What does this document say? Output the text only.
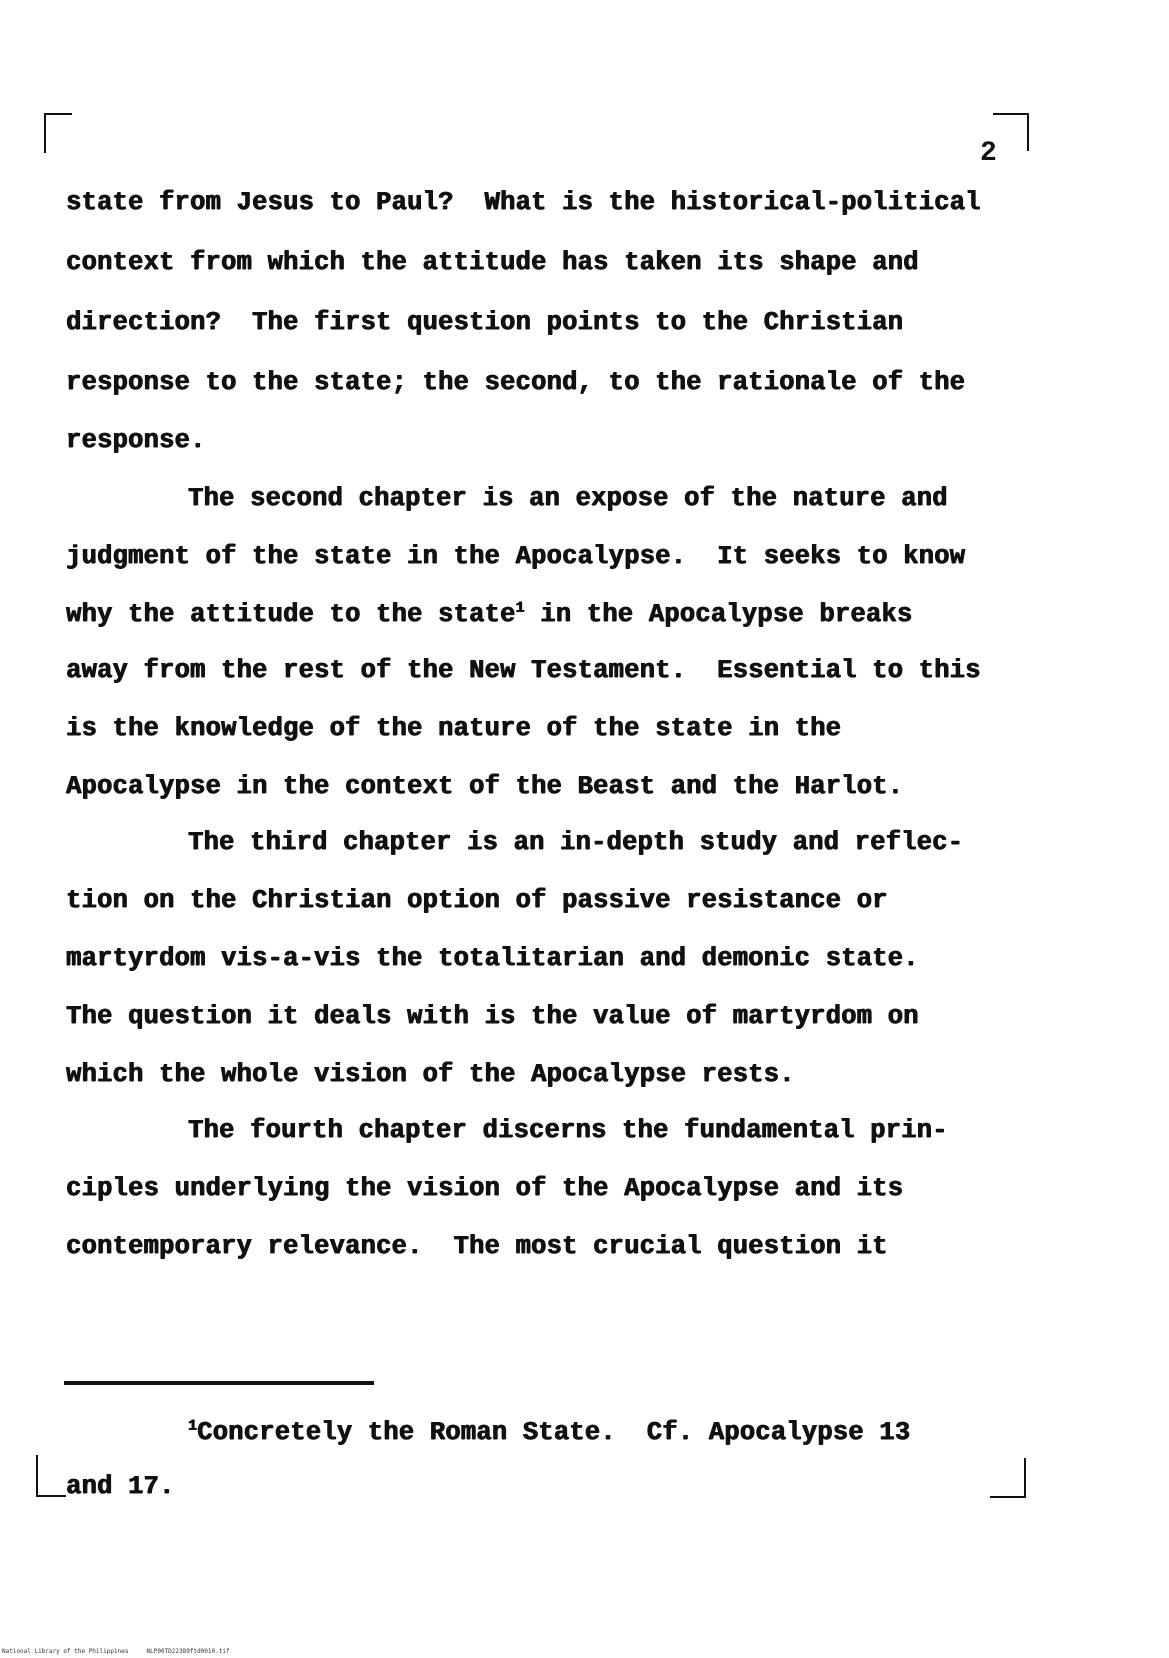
2
state from Jesus to Paul?  What is the historical-political
context from which the attitude has taken its shape and
direction?  The first question points to the Christian
response to the state; the second, to the rationale of the
response.
The second chapter is an expose of the nature and
judgment of the state in the Apocalypse.  It seeks to know
why the attitude to the state$^1$ in the Apocalypse breaks
away from the rest of the New Testament.  Essential to this
is the knowledge of the nature of the state in the
Apocalypse in the context of the Beast and the Harlot.
The third chapter is an in-depth study and reflec-
tion on the Christian option of passive resistance or
martyrdom vis-a-vis the totalitarian and demonic state.
The question it deals with is the value of martyrdom on
which the whole vision of the Apocalypse rests.
The fourth chapter discerns the fundamental prin-
ciples underlying the vision of the Apocalypse and its
contemporary relevance.  The most crucial question it
$^1$Concretely the Roman State.  Cf. Apocalypse 13
and 17.
National Library of the Philippines     NLP00TD22389ftd0010.tif
